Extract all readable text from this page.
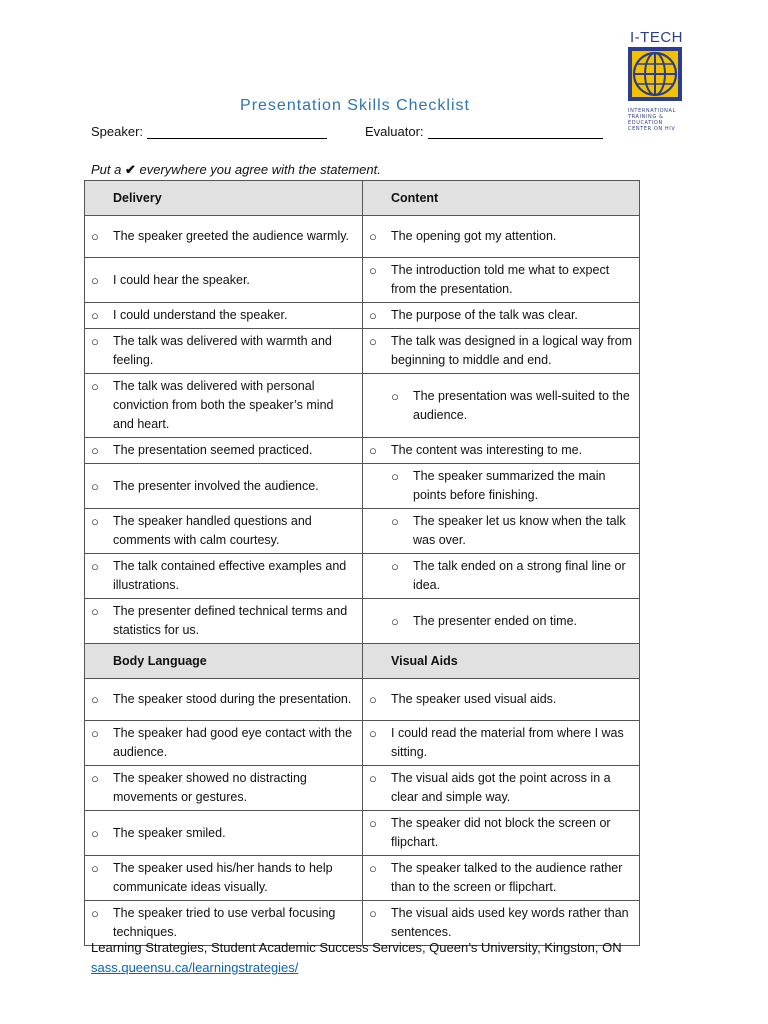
I-TECH
INTERNATIONAL
TRAINING &
EDUCATION
CENTER ON HIV
Presentation Skills Checklist
Speaker:	Evaluator:
Put a ✔ everywhere you agree with the statement.
Delivery	Content

○ The speaker greeted the audience warmly.	○ The opening got my attention.

○ I could hear the speaker.	○ The introduction told me what to expect from the presentation.

○ I could understand the speaker.	○ The purpose of the talk was clear.

○ The talk was delivered with warmth and feeling.	○ The talk was designed in a logical way from beginning to middle and end.

○ The talk was delivered with personal conviction from both the speaker’s mind and heart.	○ The presentation was well-suited to the audience.

○ The presentation seemed practiced.	○ The content was interesting to me.

○ The presenter involved the audience.	○ The speaker summarized the main points before finishing.

○ The speaker handled questions and comments with calm courtesy.	○ The speaker let us know when the talk was over.

○ The talk contained effective examples and illustrations.	○ The talk ended on a strong final line or idea.

○ The presenter defined technical terms and statistics for us.	○ The presenter ended on time.

Body Language	Visual Aids

○ The speaker stood during the presentation.	○ The speaker used visual aids.

○ The speaker had good eye contact with the audience.	○ I could read the material from where I was sitting.

○ The speaker showed no distracting movements or gestures.	○ The visual aids got the point across in a clear and simple way.

○ The speaker smiled.	○ The speaker did not block the screen or flipchart.

○ The speaker used his/her hands to help communicate ideas visually.	○ The speaker talked to the audience rather than to the screen or flipchart.

○ The speaker tried to use verbal focusing techniques.	○ The visual aids used key words rather than sentences.
Learning Strategies, Student Academic Success Services, Queen’s University, Kingston, ON
sass.queensu.ca/learningstrategies/
